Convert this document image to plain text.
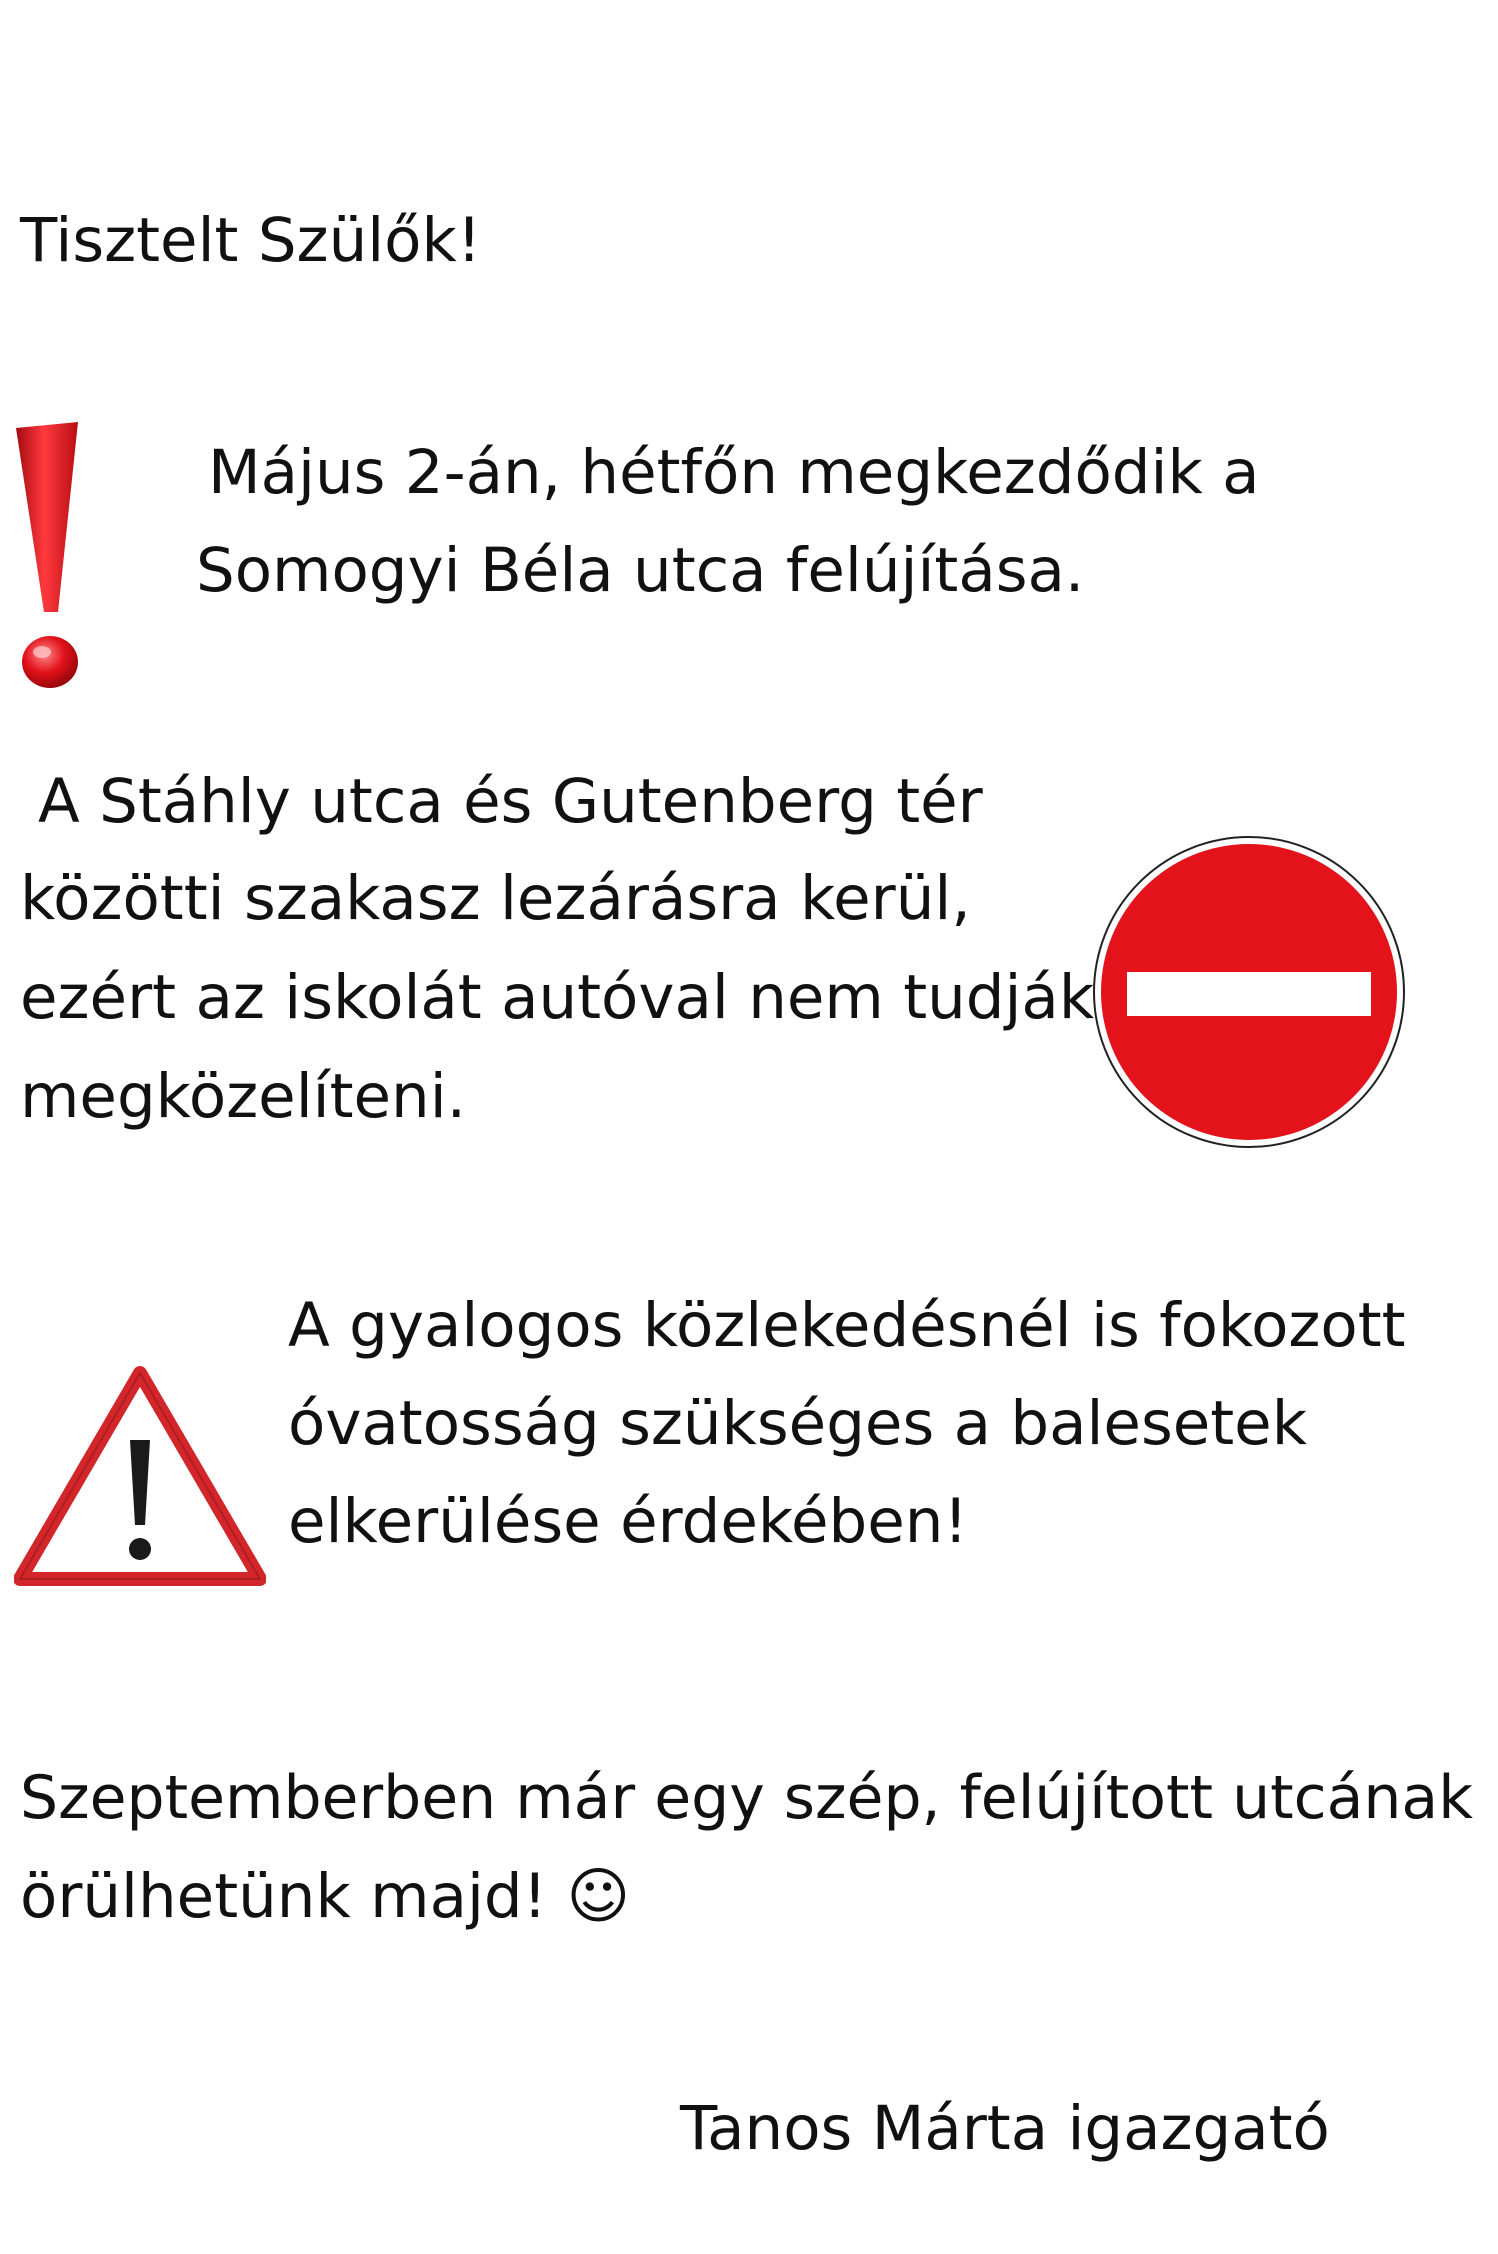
Tisztelt Szülők!

Május 2-án, hétfőn megkezdődik a

Somogyi Béla utca felújítása.

A Stáhly utca és Gutenberg tér

közötti szakasz lezárásra kerül,

ezért az iskolát autóval nem tudják

megközelíteni.

A gyalogos közlekedésnél is fokozott

óvatosság szükséges a balesetek

elkerülése érdekében!

Szeptemberben már egy szép, felújított utcának

örülhetünk majd! ☺

Tanos Márta igazgató
